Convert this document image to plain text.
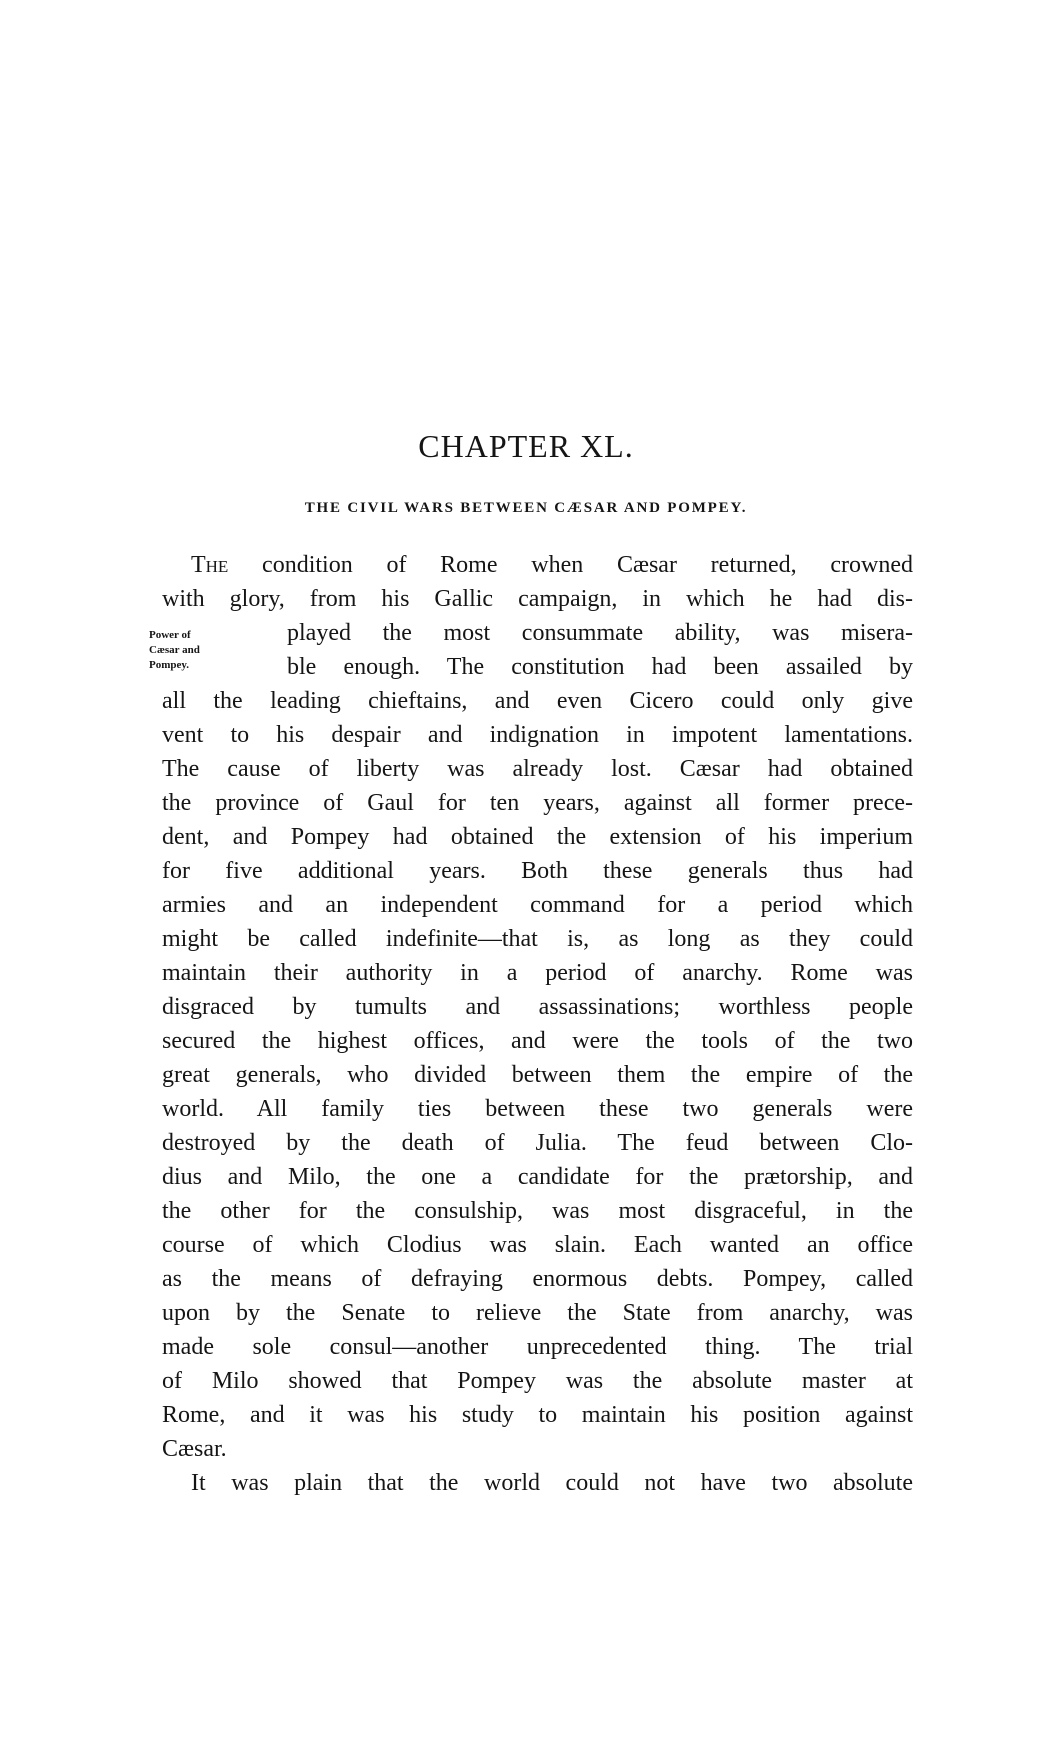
CHAPTER XL.
THE CIVIL WARS BETWEEN CÆSAR AND POMPEY.
Power of
Cæsar and
Pompey.
The condition of Rome when Cæsar returned, crowned
with glory, from his Gallic campaign, in which he had dis-
played the most consummate ability, was misera-
ble enough. The constitution had been assailed by
all the leading chieftains, and even Cicero could only give
vent to his despair and indignation in impotent lamentations.
The cause of liberty was already lost. Cæsar had obtained
the province of Gaul for ten years, against all former prece-
dent, and Pompey had obtained the extension of his imperium
for five additional years. Both these generals thus had
armies and an independent command for a period which
might be called indefinite—that is, as long as they could
maintain their authority in a period of anarchy. Rome was
disgraced by tumults and assassinations; worthless people
secured the highest offices, and were the tools of the two
great generals, who divided between them the empire of the
world. All family ties between these two generals were
destroyed by the death of Julia. The feud between Clo-
dius and Milo, the one a candidate for the prætorship, and
the other for the consulship, was most disgraceful, in the
course of which Clodius was slain. Each wanted an office
as the means of defraying enormous debts. Pompey, called
upon by the Senate to relieve the State from anarchy, was
made sole consul—another unprecedented thing. The trial
of Milo showed that Pompey was the absolute master at
Rome, and it was his study to maintain his position against
Cæsar.
It was plain that the world could not have two absolute
